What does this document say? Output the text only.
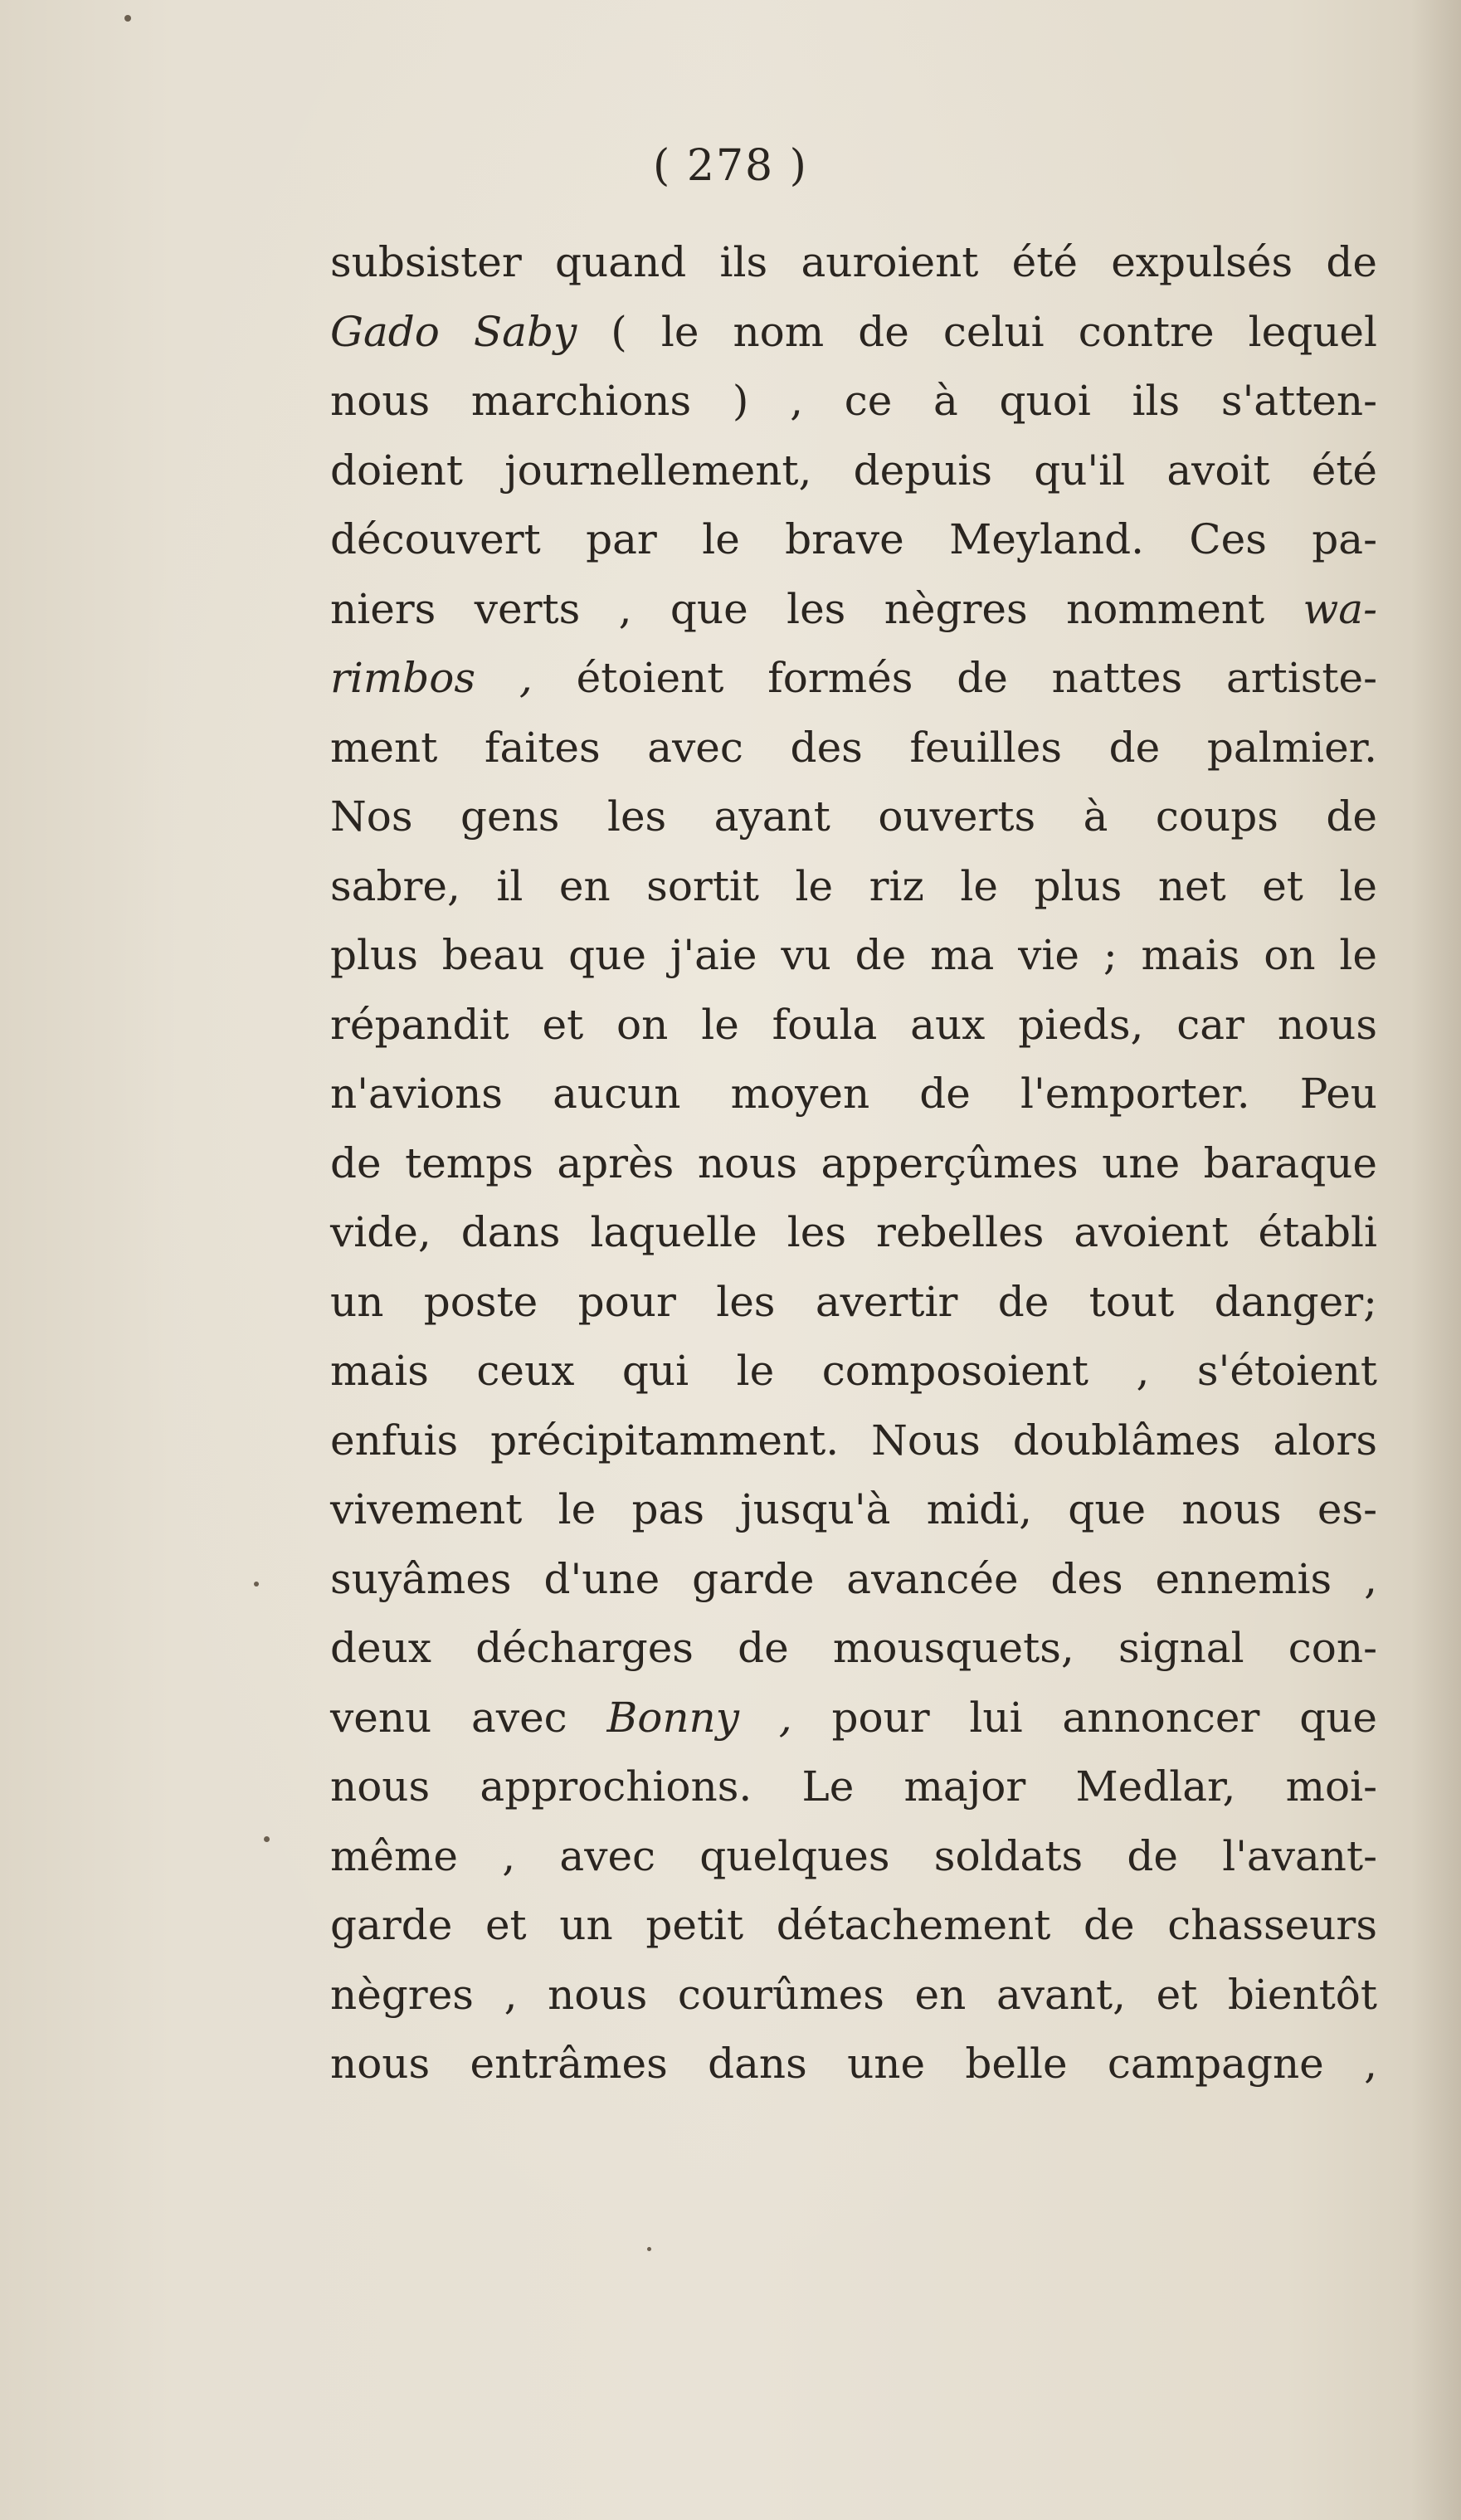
( 278 )
subsister quand ils auroient été expulsés de
Gado Saby ( le nom de celui contre lequel
nous marchions ) , ce à quoi ils s'atten-
doient journellement, depuis qu'il avoit été
découvert par le brave Meyland. Ces pa-
niers verts , que les nègres nomment wa-
rimbos , étoient formés de nattes artiste-
ment faites avec des feuilles de palmier.
Nos gens les ayant ouverts à coups de
sabre, il en sortit le riz le plus net et le
plus beau que j'aie vu de ma vie ; mais on le
répandit et on le foula aux pieds, car nous
n'avions aucun moyen de l'emporter. Peu
de temps après nous apperçûmes une baraque
vide, dans laquelle les rebelles avoient établi
un poste pour les avertir de tout danger;
mais ceux qui le composoient , s'étoient
enfuis précipitamment. Nous doublâmes alors
vivement le pas jusqu'à midi, que nous es-
suyâmes d'une garde avancée des ennemis ,
deux décharges de mousquets, signal con-
venu avec Bonny , pour lui annoncer que
nous approchions. Le major Medlar, moi-
même , avec quelques soldats de l'avant-
garde et un petit détachement de chasseurs
nègres , nous courûmes en avant, et bientôt
nous entrâmes dans une belle campagne ,
